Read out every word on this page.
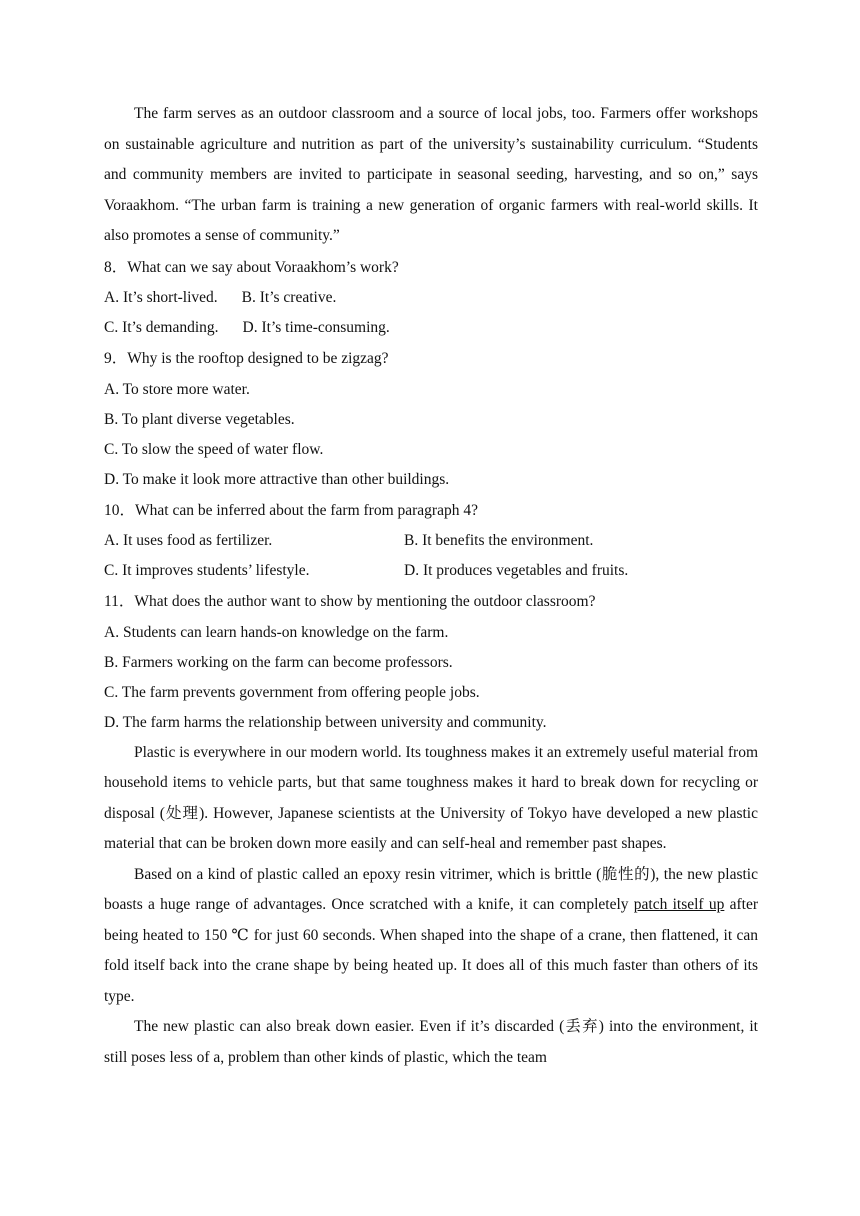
The farm serves as an outdoor classroom and a source of local jobs, too. Farmers offer workshops on sustainable agriculture and nutrition as part of the university’s sustainability curriculum. “Students and community members are invited to participate in seasonal seeding, harvesting, and so on,” says Voraakhom. “The urban farm is training a new generation of organic farmers with real-world skills. It also promotes a sense of community.”

8．What can we say about Voraakhom’s work?

A. It’s short-lived. B. It’s creative.
C. It’s demanding. D. It’s time-consuming.

9．Why is the rooftop designed to be zigzag?

A. To store more water.

B. To plant diverse vegetables.

C. To slow the speed of water flow.

D. To make it look more attractive than other buildings.

10．What can be inferred about the farm from paragraph 4?

A. It uses food as fertilizer.	B. It benefits the environment.
C. It improves students’ lifestyle.	D. It produces vegetables and fruits.

11．What does the author want to show by mentioning the outdoor classroom?

A. Students can learn hands-on knowledge on the farm.

B. Farmers working on the farm can become professors.

C. The farm prevents government from offering people jobs.

D. The farm harms the relationship between university and community.

Plastic is everywhere in our modern world. Its toughness makes it an extremely useful material from household items to vehicle parts, but that same toughness makes it hard to break down for recycling or disposal (处理). However, Japanese scientists at the University of Tokyo have developed a new plastic material that can be broken down more easily and can self-heal and remember past shapes.

Based on a kind of plastic called an epoxy resin vitrimer, which is brittle (脆性的), the new plastic boasts a huge range of advantages. Once scratched with a knife, it can completely patch itself up after being heated to 150 ℃ for just 60 seconds. When shaped into the shape of a crane, then flattened, it can fold itself back into the crane shape by being heated up. It does all of this much faster than others of its type.

The new plastic can also break down easier. Even if it’s discarded (丢弃) into the environment, it still poses less of a, problem than other kinds of plastic, which the team
